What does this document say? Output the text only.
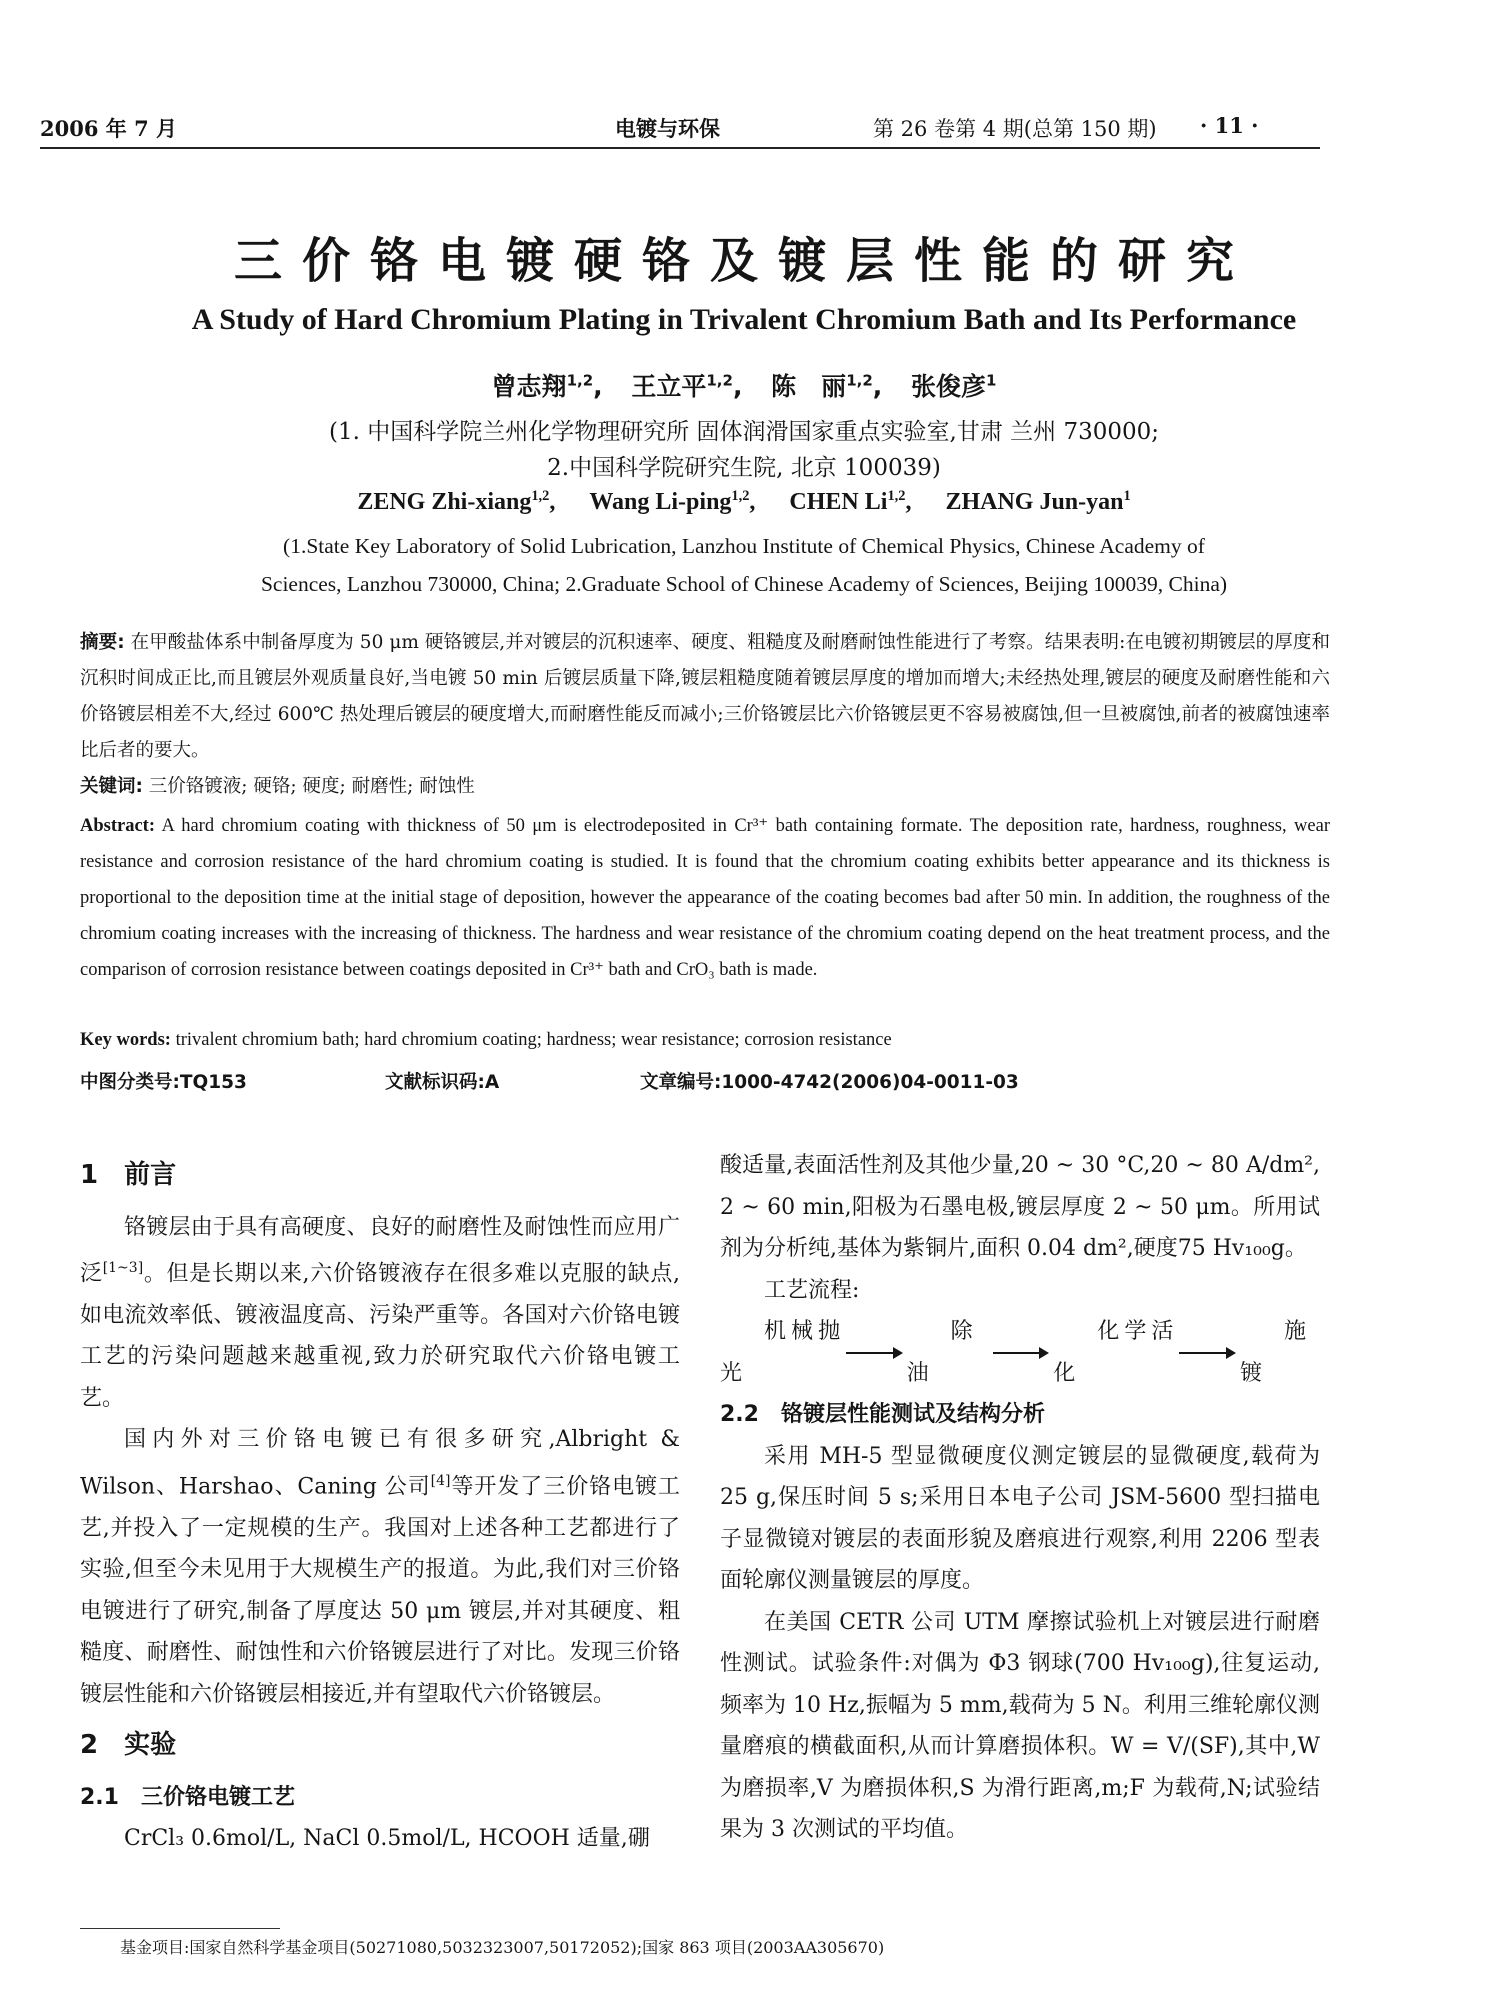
2006 年 7 月	电镀与环保	第 26 卷第 4 期(总第 150 期) · 11 ·
三价铬电镀硬铬及镀层性能的研究
A Study of Hard Chromium Plating in Trivalent Chromium Bath and Its Performance
曾志翔$^{1,2}$, 王立平$^{1,2}$, 陈　丽$^{1,2}$, 张俊彦$^1$
(1. 中国科学院兰州化学物理研究所 固体润滑国家重点实验室,甘肃 兰州 730000;
2.中国科学院研究生院, 北京 100039)
ZENG Zhi-xiang$^{1,2}$, Wang Li-ping$^{1,2}$, CHEN Li$^{1,2}$, ZHANG Jun-yan$^1$
(1.State Key Laboratory of Solid Lubrication, Lanzhou Institute of Chemical Physics, Chinese Academy of
Sciences, Lanzhou 730000, China; 2.Graduate School of Chinese Academy of Sciences, Beijing 100039, China)
摘要: 在甲酸盐体系中制备厚度为 50 μm 硬铬镀层,并对镀层的沉积速率、硬度、粗糙度及耐磨耐蚀性能进行了考察。结果表明:在电镀初期镀层的厚度和沉积时间成正比,而且镀层外观质量良好,当电镀 50 min 后镀层质量下降,镀层粗糙度随着镀层厚度的增加而增大;未经热处理,镀层的硬度及耐磨性能和六价铬镀层相差不大,经过 600℃ 热处理后镀层的硬度增大,而耐磨性能反而减小;三价铬镀层比六价铬镀层更不容易被腐蚀,但一旦被腐蚀,前者的被腐蚀速率比后者的要大。
关键词: 三价铬镀液; 硬铬; 硬度; 耐磨性; 耐蚀性
Abstract: A hard chromium coating with thickness of 50 μm is electrodeposited in Cr³⁺ bath containing formate. The deposition rate, hardness, roughness, wear resistance and corrosion resistance of the hard chromium coating is studied. It is found that the chromium coating exhibits better appearance and its thickness is proportional to the deposition time at the initial stage of deposition, however the appearance of the coating becomes bad after 50 min. In addition, the roughness of the chromium coating increases with the increasing of thickness. The hardness and wear resistance of the chromium coating depend on the heat treatment process, and the comparison of corrosion resistance between coatings deposited in Cr³⁺ bath and CrO₃ bath is made.
Key words: trivalent chromium bath; hard chromium coating; hardness; wear resistance; corrosion resistance
中图分类号:TQ153	文献标识码:A	文章编号:1000-4742(2006)04-0011-03

1　前言

铬镀层由于具有高硬度、良好的耐磨性及耐蚀性而应用广泛[1~3]。但是长期以来,六价铬镀液存在很多难以克服的缺点,如电流效率低、镀液温度高、污染严重等。各国对六价铬电镀工艺的污染问题越来越重视,致力於研究取代六价铬电镀工艺。

国内外对三价铬电镀已有很多研究,Albright & Wilson、Harshao、Caning 公司[4]等开发了三价铬电镀工艺,并投入了一定规模的生产。我国对上述各种工艺都进行了实验,但至今未见用于大规模生产的报道。为此,我们对三价铬电镀进行了研究,制备了厚度达 50 μm 镀层,并对其硬度、粗糙度、耐磨性、耐蚀性和六价铬镀层进行了对比。发现三价铬镀层性能和六价铬镀层相接近,并有望取代六价铬镀层。

2　实验

2.1　三价铬电镀工艺

CrCl₃ 0.6mol/L, NaCl 0.5mol/L, HCOOH 适量,硼

酸适量,表面活性剂及其他少量,20 ~ 30 °C,20 ~ 80 A/dm², 2 ~ 60 min,阳极为石墨电极,镀层厚度 2 ~ 50 μm。所用试剂为分析纯,基体为紫铜片,面积 0.04 dm²,硬度75 Hv₁₀₀g。

工艺流程:

机械抛光
除油
化学活化
施镀

2.2　铬镀层性能测试及结构分析

采用 MH-5 型显微硬度仪测定镀层的显微硬度,载荷为 25 g,保压时间 5 s;采用日本电子公司 JSM-5600 型扫描电子显微镜对镀层的表面形貌及磨痕进行观察,利用 2206 型表面轮廓仪测量镀层的厚度。

在美国 CETR 公司 UTM 摩擦试验机上对镀层进行耐磨性测试。试验条件:对偶为 Φ3 钢球(700 Hv₁₀₀g),往复运动,频率为 10 Hz,振幅为 5 mm,载荷为 5 N。利用三维轮廓仪测量磨痕的横截面积,从而计算磨损体积。W = V/(SF),其中,W 为磨损率,V 为磨损体积,S 为滑行距离,m;F 为载荷,N;试验结果为 3 次测试的平均值。

基金项目:国家自然科学基金项目(50271080,5032323007,50172052);国家 863 项目(2003AA305670)
